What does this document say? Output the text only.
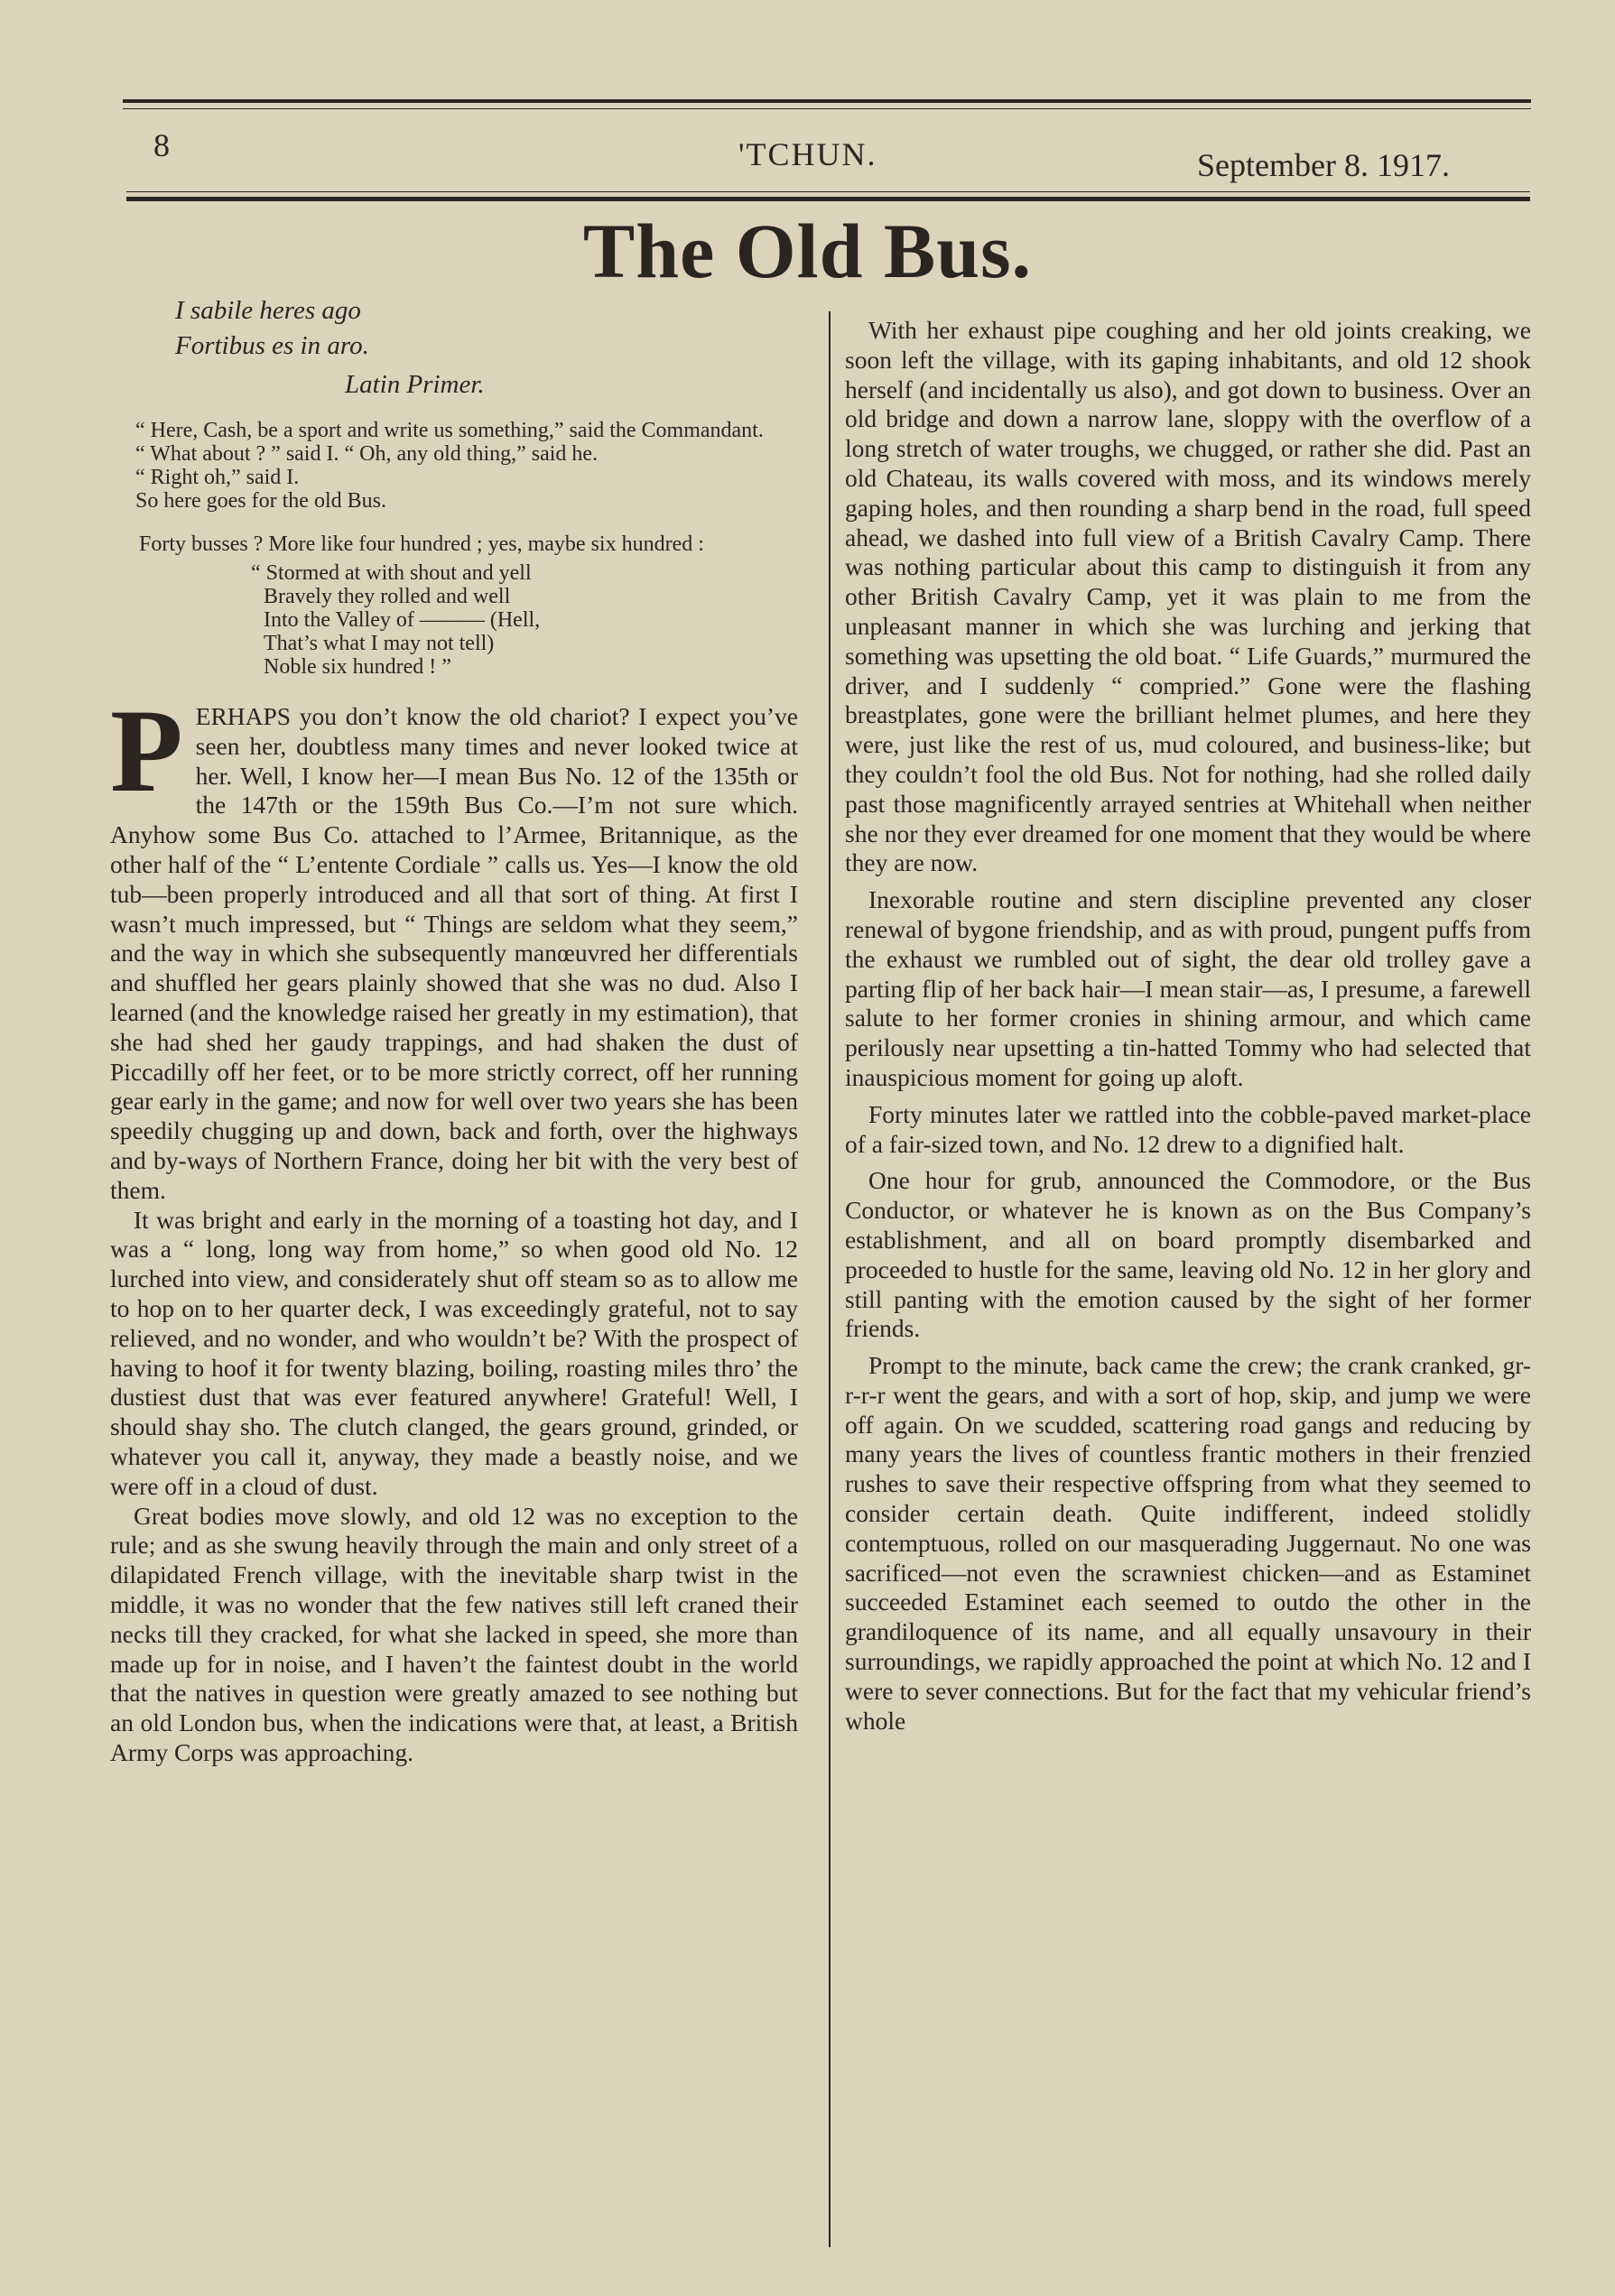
8	'TCHUN.	September 8. 1917.
The Old Bus.
I sabile heres ago
Fortibus es in aro.
Latin Primer.

“ Here, Cash, be a sport and write us something,” said the Commandant.

“ What about ? ” said I. “ Oh, any old thing,” said he.

“ Right oh,” said I.

So here goes for the old Bus.

Forty busses ? More like four hundred ; yes, maybe six hundred :

“ Stormed at with shout and yell
Bravely they rolled and well
Into the Valley of ——— (Hell,
That’s what I may not tell)
Noble six hundred ! ”

PERHAPS you don’t know the old chariot? I expect you’ve seen her, doubtless many times and never looked twice at her. Well, I know her—I mean Bus No. 12 of the 135th or the 147th or the 159th Bus Co.—I’m not sure which. Anyhow some Bus Co. attached to l’Armee, Britannique, as the other half of the “ L’entente Cordiale ” calls us. Yes—I know the old tub—been properly introduced and all that sort of thing. At first I wasn’t much impressed, but “ Things are seldom what they seem,” and the way in which she subsequently manœuvred her differentials and shuffled her gears plainly showed that she was no dud. Also I learned (and the knowledge raised her greatly in my estimation), that she had shed her gaudy trappings, and had shaken the dust of Piccadilly off her feet, or to be more strictly correct, off her running gear early in the game; and now for well over two years she has been speedily chugging up and down, back and forth, over the highways and by-ways of Northern France, doing her bit with the very best of them.

It was bright and early in the morning of a toasting hot day, and I was a “ long, long way from home,” so when good old No. 12 lurched into view, and considerately shut off steam so as to allow me to hop on to her quarter deck, I was exceedingly grateful, not to say relieved, and no wonder, and who wouldn’t be? With the prospect of having to hoof it for twenty blazing, boiling, roasting miles thro’ the dustiest dust that was ever featured anywhere! Grateful! Well, I should shay sho. The clutch clanged, the gears ground, grinded, or whatever you call it, anyway, they made a beastly noise, and we were off in a cloud of dust.

Great bodies move slowly, and old 12 was no exception to the rule; and as she swung heavily through the main and only street of a dilapidated French village, with the inevitable sharp twist in the middle, it was no wonder that the few natives still left craned their necks till they cracked, for what she lacked in speed, she more than made up for in noise, and I haven’t the faintest doubt in the world that the natives in question were greatly amazed to see nothing but an old London bus, when the indications were that, at least, a British Army Corps was approaching.

With her exhaust pipe coughing and her old joints creaking, we soon left the village, with its gaping inhabitants, and old 12 shook herself (and incidentally us also), and got down to business. Over an old bridge and down a narrow lane, sloppy with the overflow of a long stretch of water troughs, we chugged, or rather she did. Past an old Chateau, its walls covered with moss, and its windows merely gaping holes, and then rounding a sharp bend in the road, full speed ahead, we dashed into full view of a British Cavalry Camp. There was nothing particular about this camp to distinguish it from any other British Cavalry Camp, yet it was plain to me from the unpleasant manner in which she was lurching and jerking that something was upsetting the old boat. “ Life Guards,” murmured the driver, and I suddenly “ compried.” Gone were the flashing breastplates, gone were the brilliant helmet plumes, and here they were, just like the rest of us, mud coloured, and business-like; but they couldn’t fool the old Bus. Not for nothing, had she rolled daily past those magnificently arrayed sentries at Whitehall when neither she nor they ever dreamed for one moment that they would be where they are now.

Inexorable routine and stern discipline prevented any closer renewal of bygone friendship, and as with proud, pungent puffs from the exhaust we rumbled out of sight, the dear old trolley gave a parting flip of her back hair—I mean stair—as, I presume, a farewell salute to her former cronies in shining armour, and which came perilously near upsetting a tin-hatted Tommy who had selected that inauspicious moment for going up aloft.

Forty minutes later we rattled into the cobble-paved market-place of a fair-sized town, and No. 12 drew to a dignified halt.

One hour for grub, announced the Commodore, or the Bus Conductor, or whatever he is known as on the Bus Company’s establishment, and all on board promptly disembarked and proceeded to hustle for the same, leaving old No. 12 in her glory and still panting with the emotion caused by the sight of her former friends.

Prompt to the minute, back came the crew; the crank cranked, gr-r-r-r went the gears, and with a sort of hop, skip, and jump we were off again. On we scudded, scattering road gangs and reducing by many years the lives of countless frantic mothers in their frenzied rushes to save their respective offspring from what they seemed to consider certain death. Quite indifferent, indeed stolidly contemptuous, rolled on our masquerading Juggernaut. No one was sacrificed—not even the scrawniest chicken—and as Estaminet succeeded Estaminet each seemed to outdo the other in the grandiloquence of its name, and all equally unsavoury in their surroundings, we rapidly approached the point at which No. 12 and I were to sever connections. But for the fact that my vehicular friend’s whole
